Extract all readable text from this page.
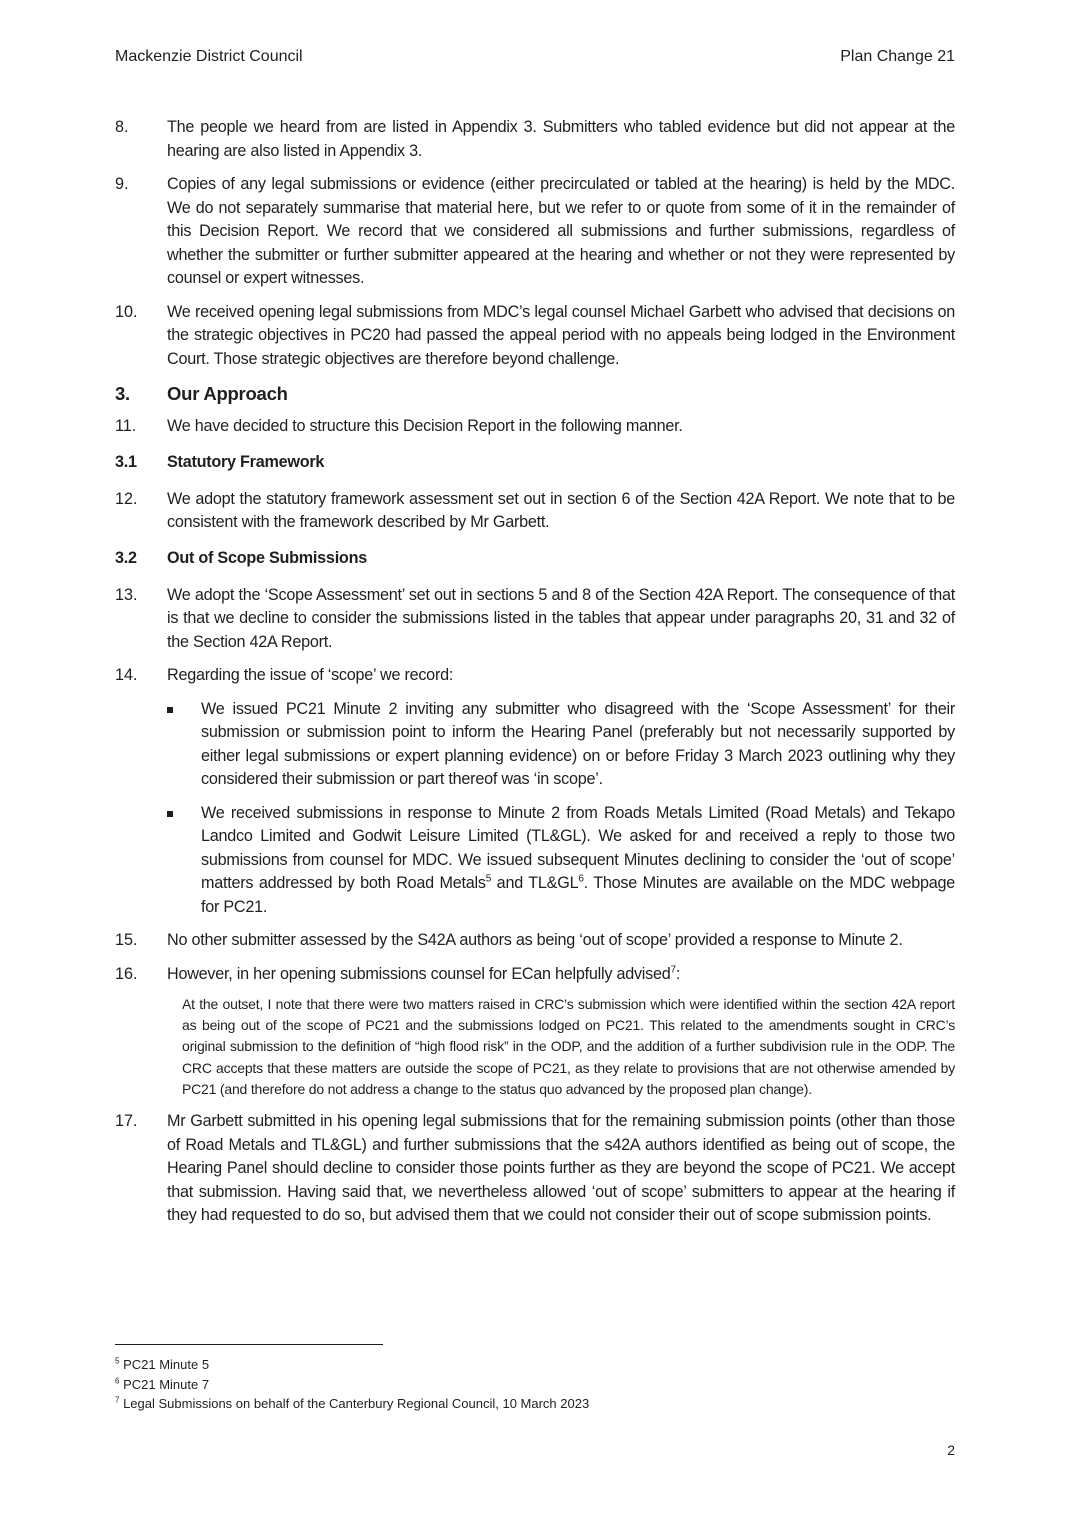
Mackenzie District Council	Plan Change 21

8.	The people we heard from are listed in Appendix 3. Submitters who tabled evidence but did not appear at the hearing are also listed in Appendix 3.

9.	Copies of any legal submissions or evidence (either precirculated or tabled at the hearing) is held by the MDC. We do not separately summarise that material here, but we refer to or quote from some of it in the remainder of this Decision Report. We record that we considered all submissions and further submissions, regardless of whether the submitter or further submitter appeared at the hearing and whether or not they were represented by counsel or expert witnesses.

10.	We received opening legal submissions from MDC’s legal counsel Michael Garbett who advised that decisions on the strategic objectives in PC20 had passed the appeal period with no appeals being lodged in the Environment Court. Those strategic objectives are therefore beyond challenge.

3. Our Approach

11.	We have decided to structure this Decision Report in the following manner.

3.1 Statutory Framework

12.	We adopt the statutory framework assessment set out in section 6 of the Section 42A Report. We note that to be consistent with the framework described by Mr Garbett.

3.2 Out of Scope Submissions

13.	We adopt the ‘Scope Assessment’ set out in sections 5 and 8 of the Section 42A Report. The consequence of that is that we decline to consider the submissions listed in the tables that appear under paragraphs 20, 31 and 32 of the Section 42A Report.

14.	Regarding the issue of ‘scope’ we record:

We issued PC21 Minute 2 inviting any submitter who disagreed with the ‘Scope Assessment’ for their submission or submission point to inform the Hearing Panel (preferably but not necessarily supported by either legal submissions or expert planning evidence) on or before Friday 3 March 2023 outlining why they considered their submission or part thereof was ‘in scope’.
We received submissions in response to Minute 2 from Roads Metals Limited (Road Metals) and Tekapo Landco Limited and Godwit Leisure Limited (TL&GL). We asked for and received a reply to those two submissions from counsel for MDC. We issued subsequent Minutes declining to consider the ‘out of scope’ matters addressed by both Road Metals$^5$ and $TL\&GL^6$. Those Minutes are available on the MDC webpage for PC21.

15.	No other submitter assessed by the S42A authors as being ‘out of scope’ provided a response to Minute 2.

16.	However, in her opening submissions counsel for ECan helpfully advised$^7$:

At the outset, I note that there were two matters raised in CRC’s submission which were identified within the section 42A report as being out of the scope of PC21 and the submissions lodged on PC21. This related to the amendments sought in CRC’s original submission to the definition of “high flood risk” in the ODP, and the addition of a further subdivision rule in the ODP. The CRC accepts that these matters are outside the scope of PC21, as they relate to provisions that are not otherwise amended by PC21 (and therefore do not address a change to the status quo advanced by the proposed plan change).

17.	Mr Garbett submitted in his opening legal submissions that for the remaining submission points (other than those of Road Metals and TL&GL) and further submissions that the s42A authors identified as being out of scope, the Hearing Panel should decline to consider those points further as they are beyond the scope of PC21. We accept that submission. Having said that, we nevertheless allowed ‘out of scope’ submitters to appear at the hearing if they had requested to do so, but advised them that we could not consider their out of scope submission points.

$^5$ PC21 Minute 5
$^6$ PC21 Minute 7
$^7$ Legal Submissions on behalf of the Canterbury Regional Council, 10 March 2023
2
